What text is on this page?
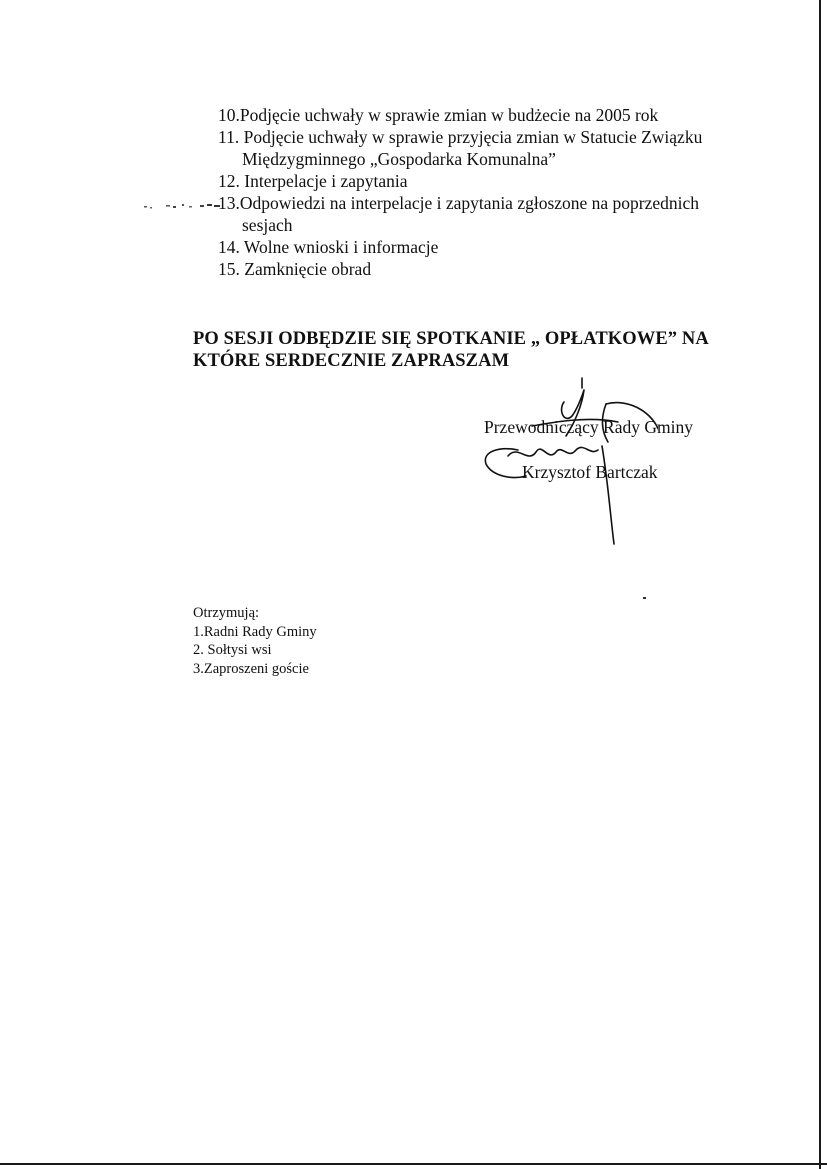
10.Podjęcie uchwały w sprawie zmian w budżecie na 2005 rok
11. Podjęcie uchwały w sprawie przyjęcia zmian w Statucie Związku
Międzygminnego „Gospodarka Komunalna”
12. Interpelacje i zapytania
13.Odpowiedzi na interpelacje i zapytania zgłoszone na poprzednich
sesjach
14. Wolne wnioski i informacje
15. Zamknięcie obrad
PO SESJI ODBĘDZIE SIĘ SPOTKANIE „ OPŁATKOWE” NA
KTÓRE SERDECZNIE ZAPRASZAM
Przewodniczący Rady Gminy
Krzysztof Bartczak
Otrzymują:
1.Radni Rady Gminy
2. Sołtysi wsi
3.Zaproszeni goście
